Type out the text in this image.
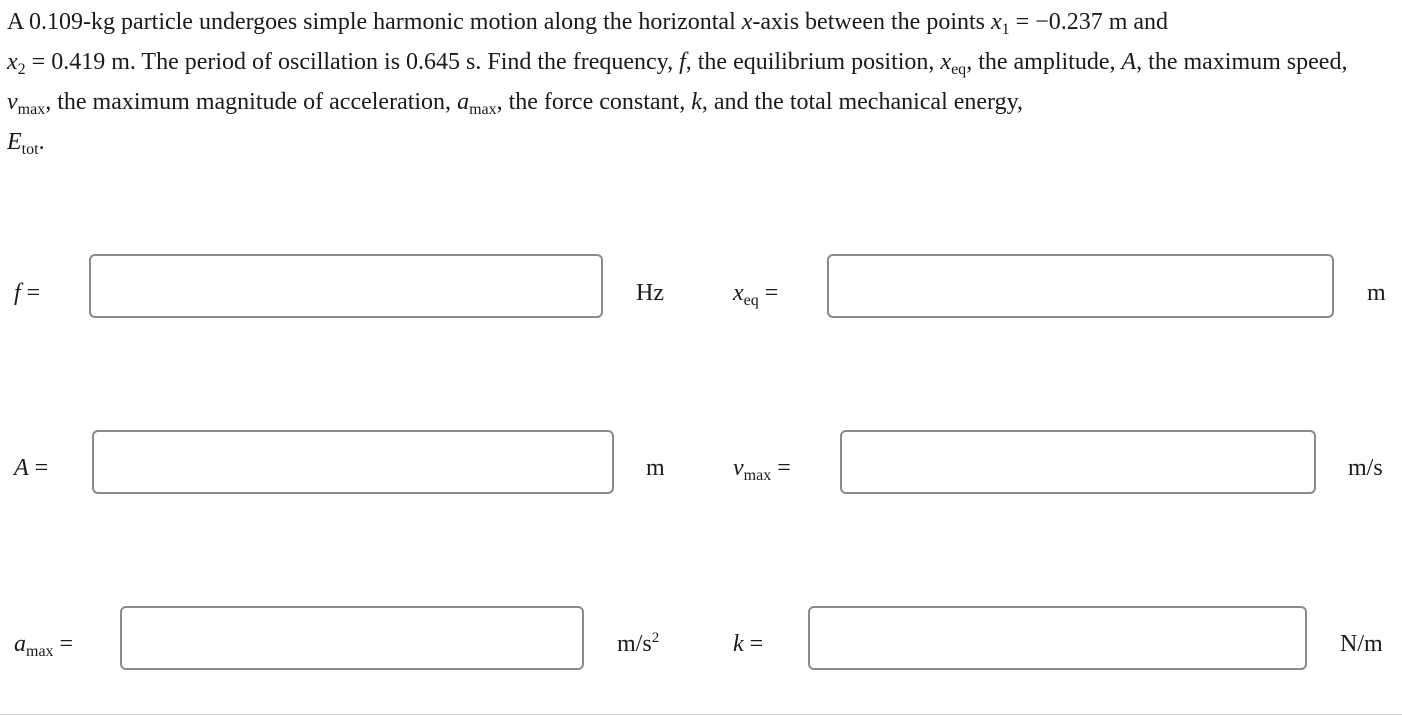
A 0.109-kg particle undergoes simple harmonic motion along the horizontal x-axis between the points $x_1 = -0.237$ m and
$x_2 = 0.419$ m. The period of oscillation is 0.645 s. Find the frequency, f, the equilibrium position, $x_{eq}$, the amplitude, A, the maximum speed,
$v_{max}$, the maximum magnitude of acceleration, $a_{max}$, the force constant, k, and the total mechanical energy,
$E_{tot}$.

f =	Hz	$x_{eq}$ =	m
A =	m	$v_{max}$ =	m/s
$a_{max}$ =	$m/s^2$	k =	N/m
